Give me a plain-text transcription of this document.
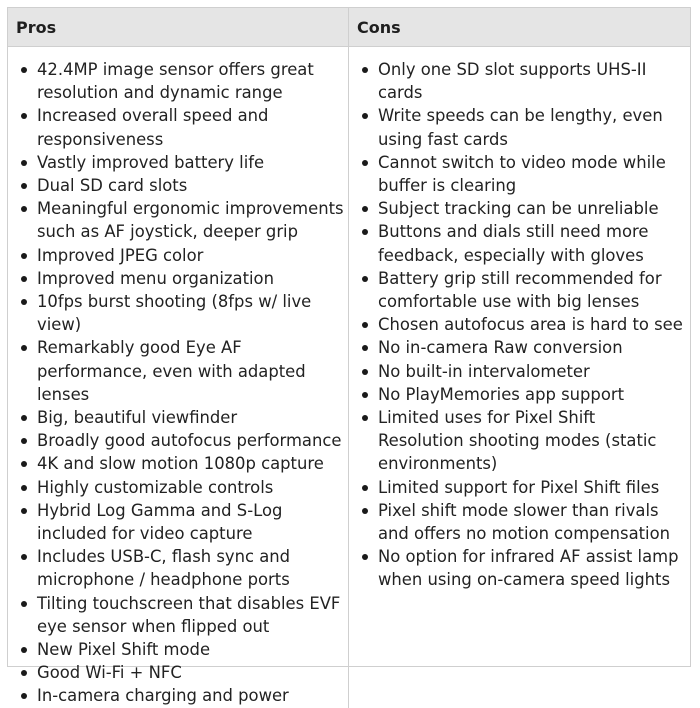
Pros	Cons
42.4MP image sensor offers great resolution and dynamic range
Increased overall speed and responsiveness
Vastly improved battery life
Dual SD card slots
Meaningful ergonomic improvements such as AF joystick, deeper grip
Improved JPEG color
Improved menu organization
10fps burst shooting (8fps w/ live view)
Remarkably good Eye AF performance, even with adapted lenses
Big, beautiful viewfinder
Broadly good autofocus performance
4K and slow motion 1080p capture
Highly customizable controls
Hybrid Log Gamma and S-Log included for video capture
Includes USB-C, flash sync and microphone / headphone ports
Tilting touchscreen that disables EVF eye sensor when flipped out
New Pixel Shift mode
Good Wi-Fi + NFC
In-camera charging and power
Only one SD slot supports UHS-II cards
Write speeds can be lengthy, even using fast cards
Cannot switch to video mode while buffer is clearing
Subject tracking can be unreliable
Buttons and dials still need more feedback, especially with gloves
Battery grip still recommended for comfortable use with big lenses
Chosen autofocus area is hard to see
No in-camera Raw conversion
No built-in intervalometer
No PlayMemories app support
Limited uses for Pixel Shift Resolution shooting modes (static environments)
Limited support for Pixel Shift files
Pixel shift mode slower than rivals and offers no motion compensation
No option for infrared AF assist lamp when using on-camera speed lights
